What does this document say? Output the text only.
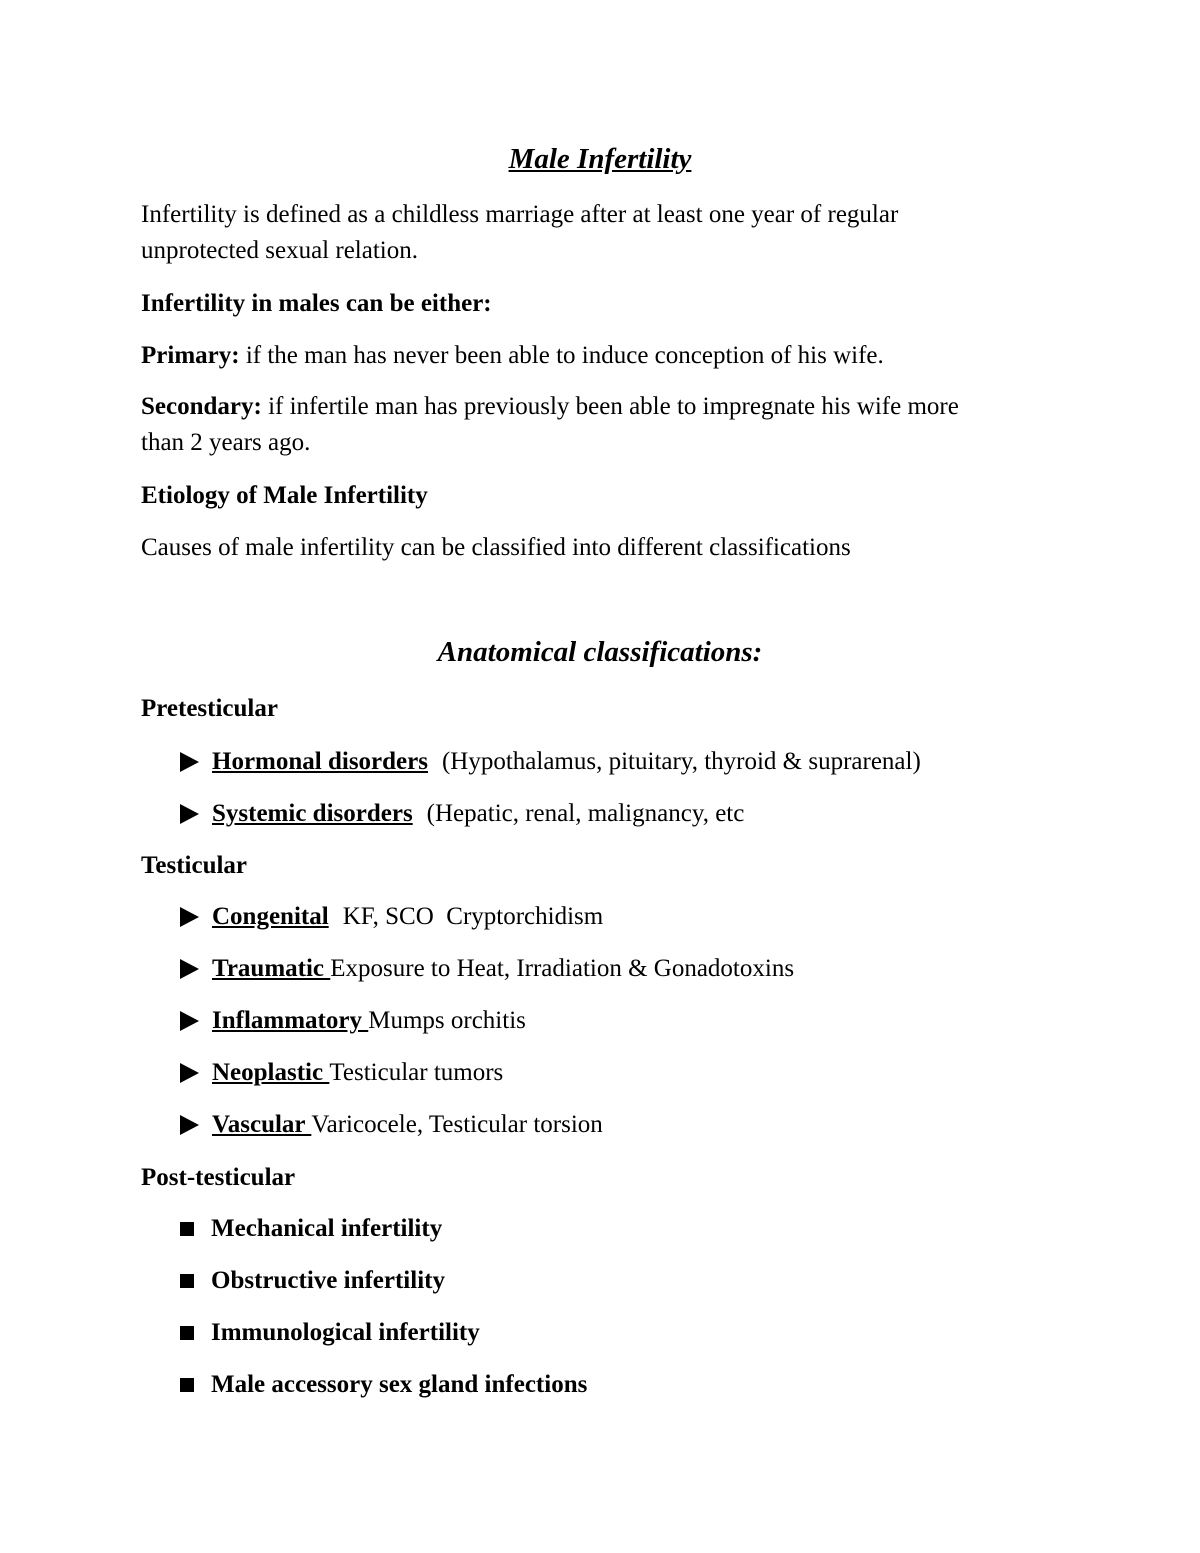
Male Infertility
Infertility is defined as a childless marriage after at least one year of regular
unprotected sexual relation.
Infertility in males can be either:
Primary: if the man has never been able to induce conception of his wife.
Secondary: if infertile man has previously been able to impregnate his wife more
than 2 years ago.
Etiology of Male Infertility
Causes of male infertility can be classified into different classifications
Anatomical classifications:
Pretesticular
Hormonal disorders (Hypothalamus, pituitary, thyroid & suprarenal)
Systemic disorders (Hepatic, renal, malignancy, etc
Testicular
Congenital KF, SCO  Cryptorchidism
Traumatic Exposure to Heat, Irradiation & Gonadotoxins
Inflammatory Mumps orchitis
Neoplastic Testicular tumors
Vascular Varicocele, Testicular torsion
Post-testicular
Mechanical infertility
Obstructive infertility
Immunological infertility
Male accessory sex gland infections
